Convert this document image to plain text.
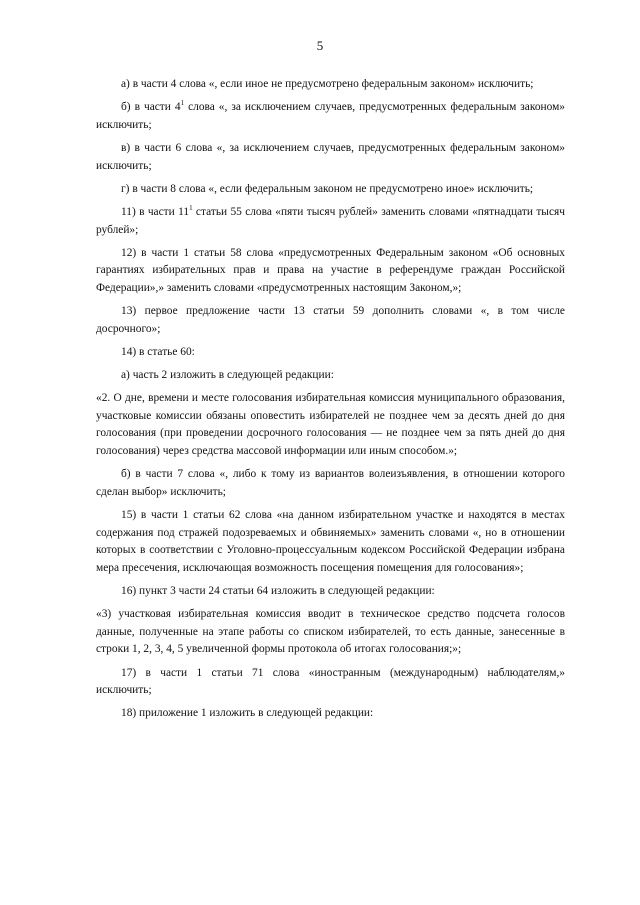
5

а) в части 4 слова «, если иное не предусмотрено федеральным законом» исключить;

б) в части $4^1$ слова «, за исключением случаев, предусмотренных федеральным законом» исключить;

в) в части 6 слова «, за исключением случаев, предусмотренных федеральным законом» исключить;

г) в части 8 слова «, если федеральным законом не предусмотрено иное» исключить;

11) в части $11^1$ статьи 55 слова «пяти тысяч рублей» заменить словами «пятнадцати тысяч рублей»;

12) в части 1 статьи 58 слова «предусмотренных Федеральным законом «Об основных гарантиях избирательных прав и права на участие в референдуме граждан Российской Федерации»,» заменить словами «предусмотренных настоящим Законом,»;

13) первое предложение части 13 статьи 59 дополнить словами «, в том числе досрочного»;

14) в статье 60:

а) часть 2 изложить в следующей редакции:

«2. О дне, времени и месте голосования избирательная комиссия муниципального образования, участковые комиссии обязаны оповестить избирателей не позднее чем за десять дней до дня голосования (при проведении досрочного голосования — не позднее чем за пять дней до дня голосования) через средства массовой информации или иным способом.»;

б) в части 7 слова «, либо к тому из вариантов волеизъявления, в отношении которого сделан выбор» исключить;

15) в части 1 статьи 62 слова «на данном избирательном участке и находятся в местах содержания под стражей подозреваемых и обвиняемых» заменить словами «, но в отношении которых в соответствии с Уголовно-процессуальным кодексом Российской Федерации избрана мера пресечения, исключающая возможность посещения помещения для голосования»;

16) пункт 3 части 24 статьи 64 изложить в следующей редакции:

«3) участковая избирательная комиссия вводит в техническое средство подсчета голосов данные, полученные на этапе работы со списком избирателей, то есть данные, занесенные в строки 1, 2, 3, 4, 5 увеличенной формы протокола об итогах голосования;»;

17) в части 1 статьи 71 слова «иностранным (международным) наблюдателям,» исключить;

18) приложение 1 изложить в следующей редакции:
